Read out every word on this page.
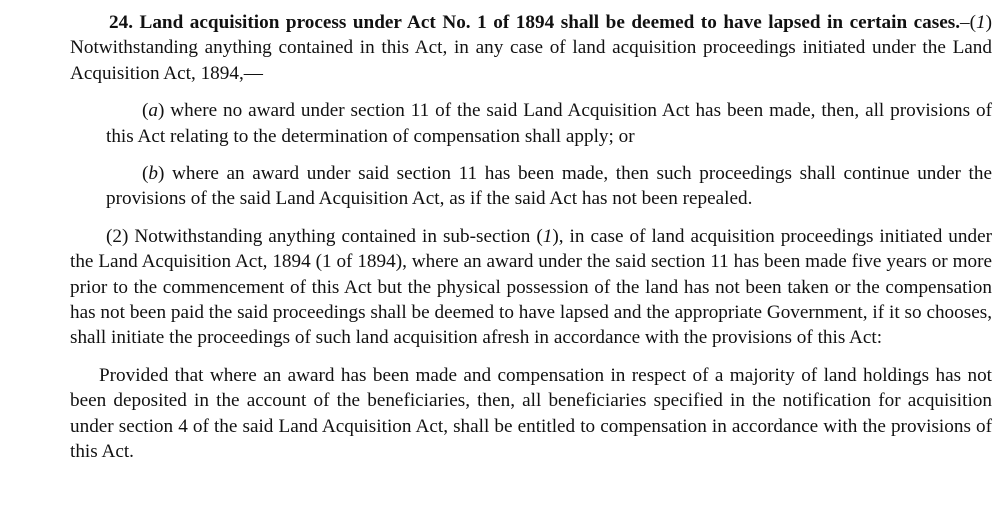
24. Land acquisition process under Act No. 1 of 1894 shall be deemed to have lapsed in certain cases.–(1) Notwithstanding anything contained in this Act, in any case of land acquisition proceedings initiated under the Land Acquisition Act, 1894,—

(a) where no award under section 11 of the said Land Acquisition Act has been made, then, all provisions of this Act relating to the determination of compensation shall apply; or

(b) where an award under said section 11 has been made, then such proceedings shall continue under the provisions of the said Land Acquisition Act, as if the said Act has not been repealed.

(2) Notwithstanding anything contained in sub-section (1), in case of land acquisition proceedings initiated under the Land Acquisition Act, 1894 (1 of 1894), where an award under the said section 11 has been made five years or more prior to the commencement of this Act but the physical possession of the land has not been taken or the compensation has not been paid the said proceedings shall be deemed to have lapsed and the appropriate Government, if it so chooses, shall initiate the proceedings of such land acquisition afresh in accordance with the provisions of this Act:

Provided that where an award has been made and compensation in respect of a majority of land holdings has not been deposited in the account of the beneficiaries, then, all beneficiaries specified in the notification for acquisition under section 4 of the said Land Acquisition Act, shall be entitled to compensation in accordance with the provisions of this Act.
